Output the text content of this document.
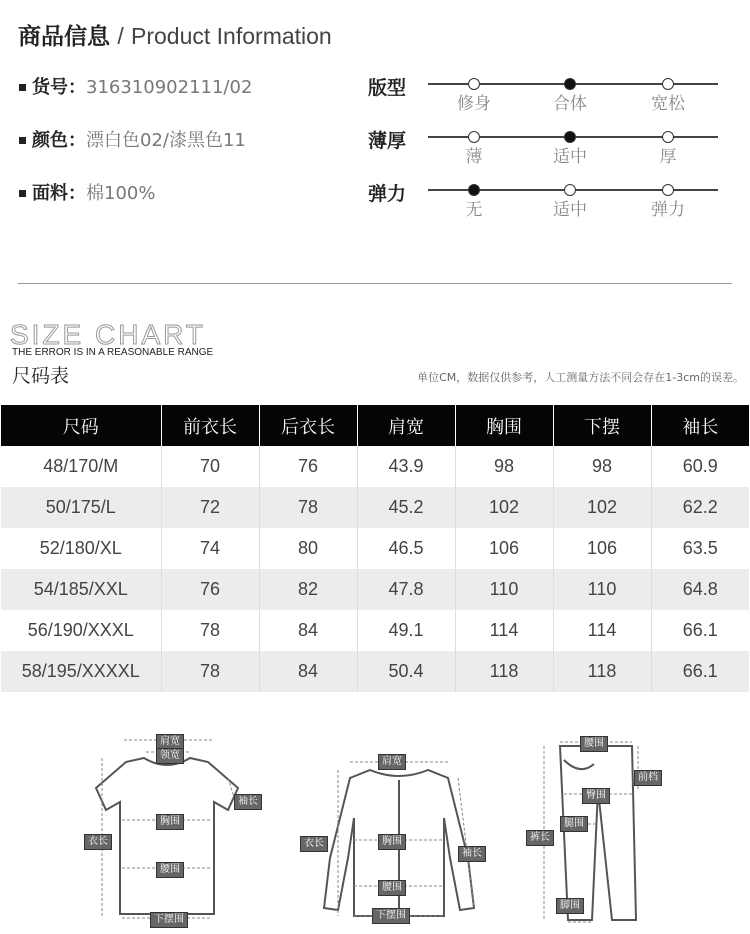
商品信息 / Product Information
货号：316310902111/02
颜色：漂白色02/漆黑色11
面料：棉100%
版型
修身	合体	宽松
薄厚
薄	适中	厚
弹力
无	适中	弹力
SIZE CHART
THE ERROR IS IN A REASONABLE RANGE
尺码表	单位CM，数据仅供参考，人工测量方法不同会存在1-3cm的误差。
尺码	前衣长	后衣长	肩宽	胸围	下摆	袖长
48/170/M	70	76	43.9	98	98	60.9
50/175/L	72	78	45.2	102	102	62.2
52/180/XL	74	80	46.5	106	106	63.5
54/185/XXL	76	82	47.8	110	110	64.8
56/190/XXXL	78	84	49.1	114	114	66.1
58/195/XXXXL	78	84	50.4	118	118	66.1
肩宽
领宽
袖长
胸围
衣长
腰围
下摆围
肩宽
衣长	胸围
袖长
腰围
下摆围
腰围
前档
臀围
腿围
裤长
脚围
